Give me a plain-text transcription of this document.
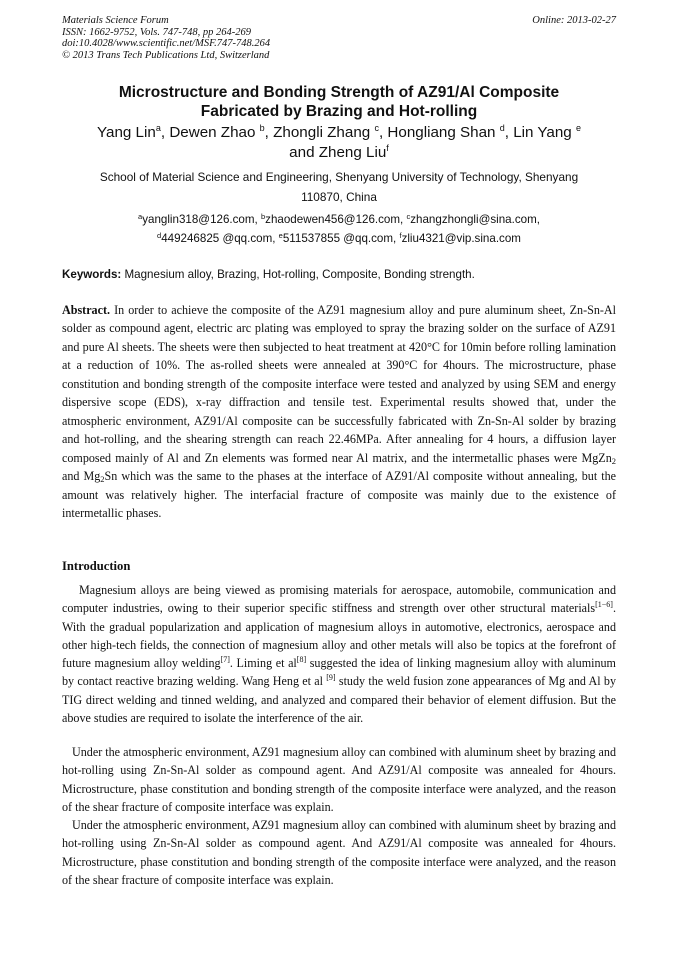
Materials Science Forum
ISSN: 1662-9752, Vols. 747-748, pp 264-269
doi:10.4028/www.scientific.net/MSF.747-748.264
© 2013 Trans Tech Publications Ltd, Switzerland
Online: 2013-02-27
Microstructure and Bonding Strength of AZ91/Al Composite
Fabricated by Brazing and Hot-rolling
Yang Lin$^a$, Dewen Zhao $^b$, Zhongli Zhang $^c$, Hongliang Shan $^d$, Lin Yang $^e$
and Zheng Liu$^f$
School of Material Science and Engineering, Shenyang University of Technology, Shenyang
110870, China
$^a$yanglin318@126.com, $^b$zhaodewen456@126.com, $^c$zhangzhongli@sina.com,
$^d$449246825 @qq.com, $^e$511537855 @qq.com, $^f$zliu4321@vip.sina.com
Keywords: Magnesium alloy, Brazing, Hot-rolling, Composite, Bonding strength.
Abstract. In order to achieve the composite of the AZ91 magnesium alloy and pure aluminum sheet, Zn-Sn-Al solder as compound agent, electric arc plating was employed to spray the brazing solder on the surface of AZ91 and pure Al sheets. The sheets were then subjected to heat treatment at 420°C for 10min before rolling lamination at a reduction of 10%. The as-rolled sheets were annealed at 390°C for 4hours. The microstructure, phase constitution and bonding strength of the composite interface were tested and analyzed by using SEM and energy dispersive scope (EDS), x-ray diffraction and tensile test. Experimental results showed that, under the atmospheric environment, AZ91/Al composite can be successfully fabricated with Zn-Sn-Al solder by brazing and hot-rolling, and the shearing strength can reach 22.46MPa. After annealing for 4 hours, a diffusion layer composed mainly of Al and Zn elements was formed near Al matrix, and the intermetallic phases were MgZn$_2$ and $Mg_2Sn$ which was the same to the phases at the interface of AZ91/Al composite without annealing, but the amount was relatively higher. The interfacial fracture of composite was mainly due to the existence of intermetallic phases.
Introduction

Magnesium alloys are being viewed as promising materials for aerospace, automobile, communication and computer industries, owing to their superior specific stiffness and strength over other structural materials[1−6]. With the gradual popularization and application of magnesium alloys in automotive, electronics, aerospace and other high-tech fields, the connection of magnesium alloy and other metals will also be topics at the forefront of future magnesium alloy welding[7]. Liming et al[8] suggested the idea of linking magnesium alloy with aluminum by contact reactive brazing welding. Wang Heng et al [9] study the weld fusion zone appearances of Mg and Al by TIG direct welding and tinned welding, and analyzed and compared their behavior of element diffusion. But the above studies are required to isolate the interference of the air.

Under the atmospheric environment, AZ91 magnesium alloy can combined with aluminum sheet by brazing and hot-rolling using Zn-Sn-Al solder as compound agent. And AZ91/Al composite was annealed for 4hours. Microstructure, phase constitution and bonding strength of the composite interface were analyzed, and the reason of the shear fracture of composite interface was explain.

Under the atmospheric environment, AZ91 magnesium alloy can combined with aluminum sheet by brazing and hot-rolling using Zn-Sn-Al solder as compound agent. And AZ91/Al composite was annealed for 4hours. Microstructure, phase constitution and bonding strength of the composite interface were analyzed, and the reason of the shear fracture of composite interface was explain.
